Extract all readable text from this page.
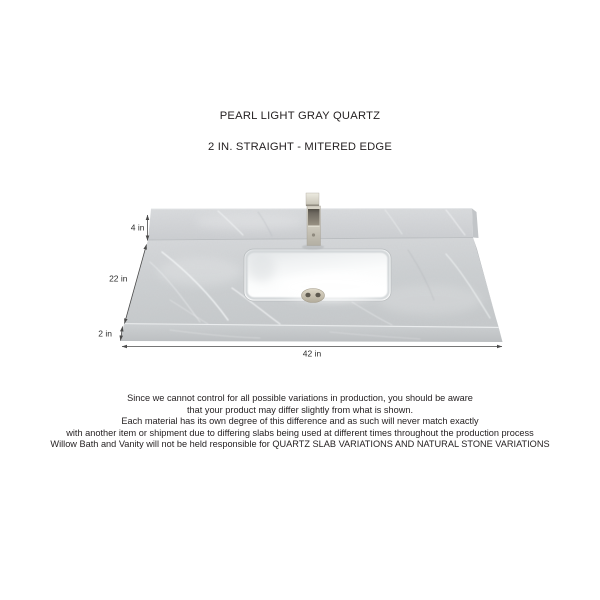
PEARL LIGHT GRAY QUARTZ
2 IN. STRAIGHT - MITERED EDGE
4 in
22 in
2 in
42 in
Since we cannot control for all possible variations in production, you should be aware
that your product may differ slightly from what is shown.
Each material has its own degree of this difference and as such will never match exactly
with another item or shipment due to differing slabs being used at different times throughout the production process
Willow Bath and Vanity will not be held responsible for QUARTZ SLAB VARIATIONS AND NATURAL STONE VARIATIONS
